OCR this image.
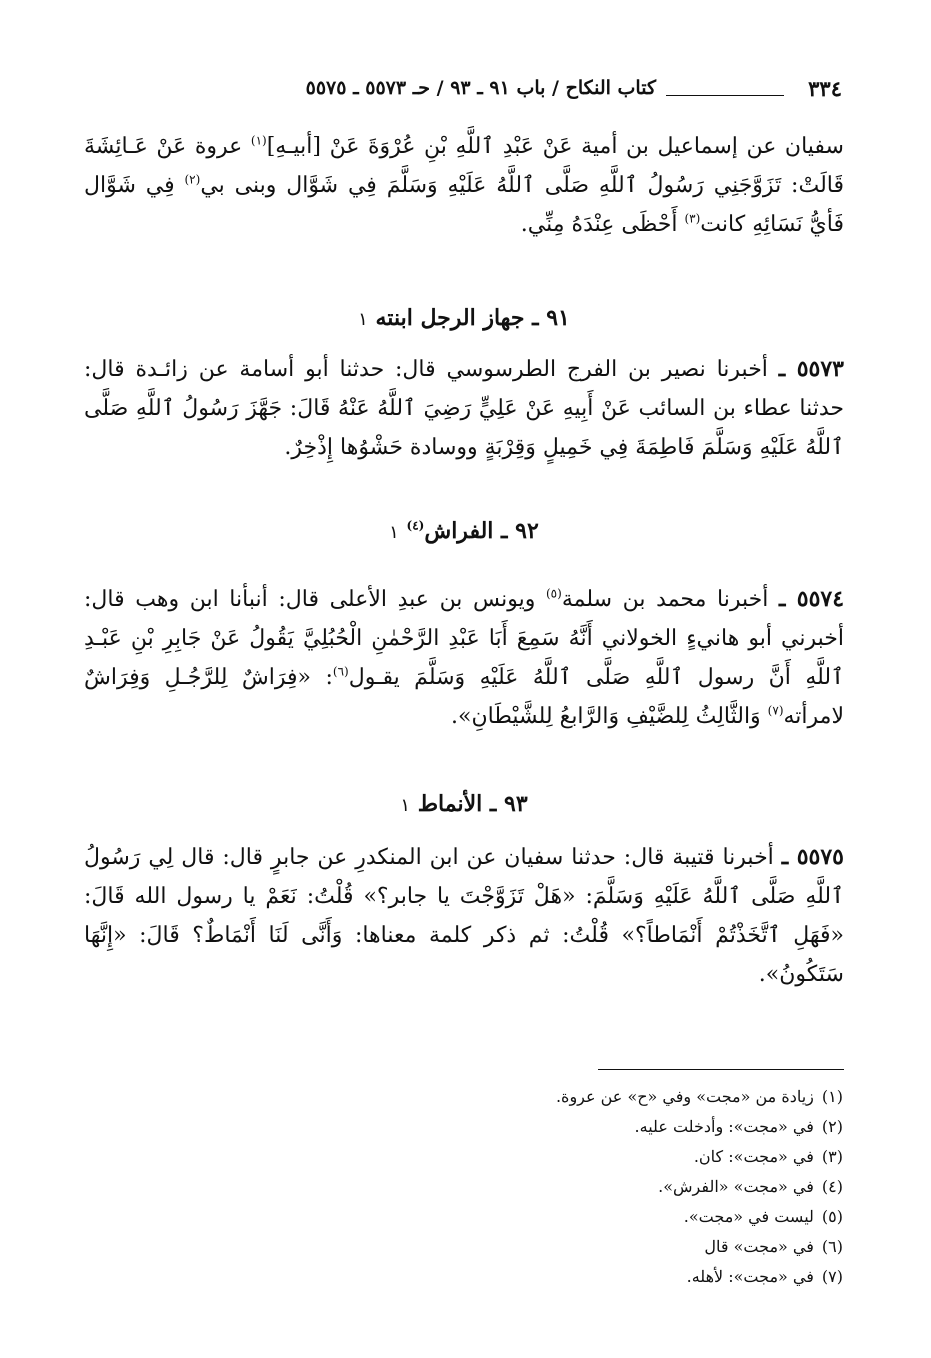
٣٣٤
كتاب النكاح / باب ٩١ ـ ٩٣ / حـ ٥٥٧٣ ـ ٥٥٧٥

سفيان عن إسماعيل بن أمية عَنْ عَبْدِ ٱللَّهِ بْنِ عُرْوَةَ عَنْ [أبيـهِ]$^{(١)}$ عروة عَنْ عَـائِشَةَ قَالَتْ: تَزَوَّجَنِي رَسُولُ ٱللَّهِ صَلَّى ٱللَّهُ عَلَيْهِ وَسَلَّمَ فِي شَوَّال وبنى بي$^{(٢)}$ فِي شَوَّال فَأيُّ نَسَائِهِ كانت$^{(٣)}$ أَحْظَى عِنْدَهُ مِنِّي.

٩١ ـ جهاز الرجل ابنته ١

٥٥٧٣ ـ أخبرنا نصير بن الفرج الطرسوسي قال: حدثنا أبو أسامة عن زائـدة قال: حدثنا عطاء بن السائب عَنْ أَبِيهِ عَنْ عَلِيٍّ رَضِيَ ٱللَّهُ عَنْهُ قَالَ: جَهَّزَ رَسُولُ ٱللَّهِ صَلَّى ٱللَّهُ عَلَيْهِ وَسَلَّمَ فَاطِمَةَ فِي خَمِيلٍ وَقِرْبَةٍ ووسادة حَشْوُها إِذْخِرٌ.

٩٢ ـ الفراش$^{(٤)}$ ١

٥٥٧٤ ـ أخبرنا محمد بن سلمة$^{(٥)}$ ويونس بن عبدِ الأعلى قال: أنبأنا ابن وهب قال: أخبرني أبو هانيءٍ الخولاني أَنَّهُ سَمِعَ أَبَا عَبْدِ الرَّحْمٰنِ الْحُبُلِيَّ يَقُولُ عَنْ جَابِرِ بْنِ عَبْـدِ ٱللَّهِ أَنَّ رسول ٱللَّهِ صَلَّى ٱللَّهُ عَلَيْهِ وَسَلَّمَ يقـول$^{(٦)}$: «فِرَاشٌ لِلرَّجُـلِ وَفِرَاشٌ لامرأته$^{(٧)}$ وَالثَّالِثُ لِلضَّيْفِ وَالرَّابعُ لِلشَّيْطَانِ».

٩٣ ـ الأنماط ١

٥٥٧٥ ـ أخبرنا قتيبة قال: حدثنا سفيان عن ابن المنكدرِ عن جابرٍ قال: قال لِي رَسُولُ ٱللَّهِ صَلَّى ٱللَّهُ عَلَيْهِ وَسَلَّمَ: «هَلْ تَزَوَّجْتَ يا جابر؟» قُلْتُ: نَعَمْ يا رسول الله قَالَ: «فَهَلِ ٱتَّخَذْتُمْ أَنْمَاطاً؟» قُلْتُ: ثم ذكر كلمة معناها: وَأَنَّى لَنَا أَنْمَاطٌ؟ قَالَ: «إِنَّهَا سَتَكُونُ».

(١)زيادة من «مجت» وفي «ح» عن عروة.
(٢)في «مجت»: وأدخلت عليه.
(٣)في «مجت»: كان.
(٤)في «مجت» «الفرش».
(٥)ليست في «مجت».
(٦)في «مجت» قال
(٧)في «مجت»: لأهله.
